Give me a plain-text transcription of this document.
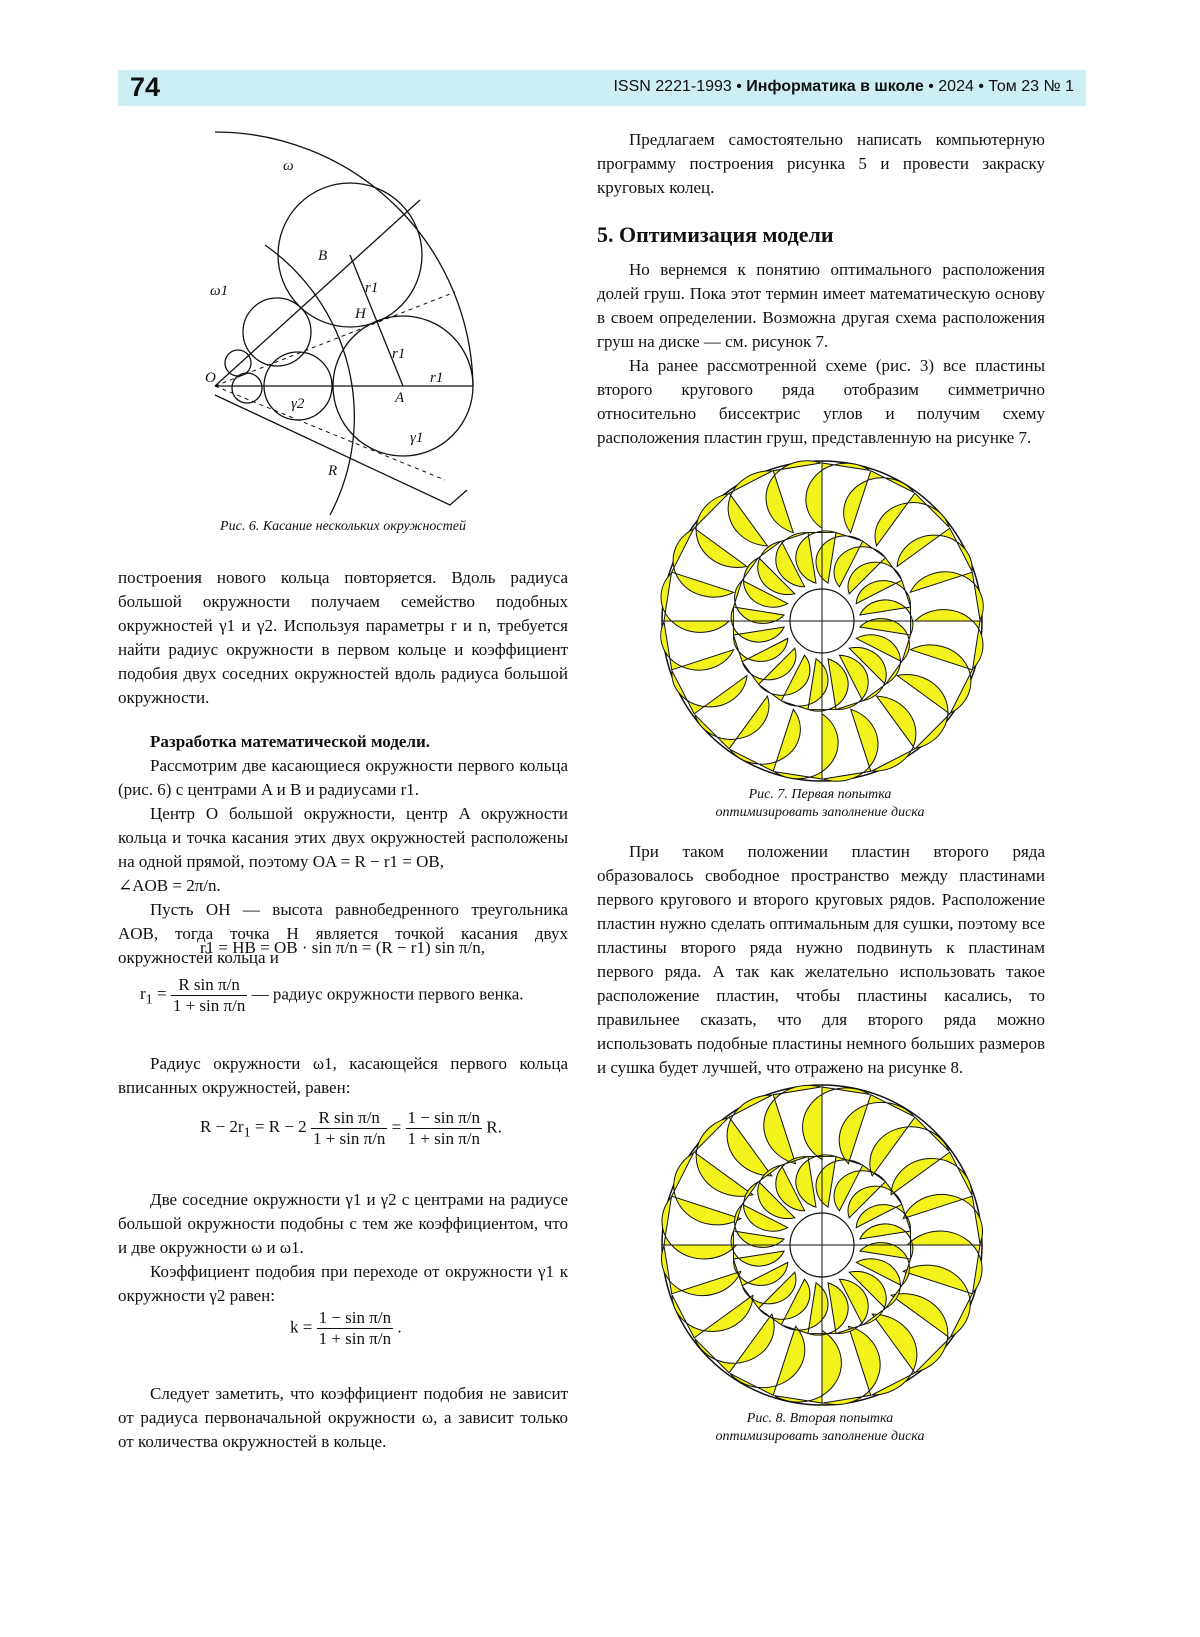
74	ISSN 2221-1993 • Информатика в школе • 2024 • Том 23 № 1
ω
B
r1
ω1
H
r1
r1
O
A
γ2
γ1
R
Рис. 6. Касание нескольких окружностей

построения нового кольца повторяется. Вдоль радиуса большой окружности получаем семейство подобных окружностей γ1 и γ2. Используя параметры r и n, требуется найти радиус окружности в первом кольце и коэффициент подобия двух соседних окружностей вдоль радиуса большой окружности.

Разработка математической модели.

Рассмотрим две касающиеся окружности первого кольца (рис. 6) с центрами A и B и радиусами r1.

Центр O большой окружности, центр A окружности кольца и точка касания этих двух окружностей расположены на одной прямой, поэтому OA = R − r1 = OB,

∠AOB = 2π/n.

Пусть OH — высота равнобедренного треугольника AOB, тогда точка H является точкой касания двух окружностей кольца и

r1 = HB = OB · sin π/n = (R − r1) sin π/n,
$r_1 = \frac{\text{R sin π/n}}{\text{1 + sin π/n}}$ — радиус окружности первого венка.

Радиус окружности ω1, касающейся первого кольца вписанных окружностей, равен:

$R - 2r_1 = R - 2 \frac{\text{R sin π/n}}{\text{1 + sin π/n}} = \frac{\text{1 − sin π/n}}{\text{1 + sin π/n}} R$.

Две соседние окружности γ1 и γ2 с центрами на радиусе большой окружности подобны с тем же коэффициентом, что и две окружности ω и ω1.

Коэффициент подобия при переходе от окружности γ1 к окружности γ2 равен:

$k = \frac{\text{1 − sin π/n}}{\text{1 + sin π/n}}$ .

Следует заметить, что коэффициент подобия не зависит от радиуса первоначальной окружности ω, а зависит только от количества окружностей в кольце.

Предлагаем самостоятельно написать компьютерную программу построения рисунка 5 и провести закраску круговых колец.

5. Оптимизация модели

Но вернемся к понятию оптимального расположения долей груш. Пока этот термин имеет математическую основу в своем определении. Возможна другая схема расположения груш на диске — см. рисунок 7.

На ранее рассмотренной схеме (рис. 3) все пластины второго кругового ряда отобразим симметрично относительно биссектрис углов и получим схему расположения пластин груш, представленную на рисунке 7.

Рис. 7. Первая попытка
оптимизировать заполнение диска

При таком положении пластин второго ряда образовалось свободное пространство между пластинами первого кругового и второго круговых рядов. Расположение пластин нужно сделать оптимальным для сушки, поэтому все пластины второго ряда нужно подвинуть к пластинам первого ряда. А так как желательно использовать такое расположение пластин, чтобы пластины касались, то правильнее сказать, что для второго ряда можно использовать подобные пластины немного больших размеров и сушка будет лучшей, что отражено на рисунке 8.

Рис. 8. Вторая попытка
оптимизировать заполнение диска
